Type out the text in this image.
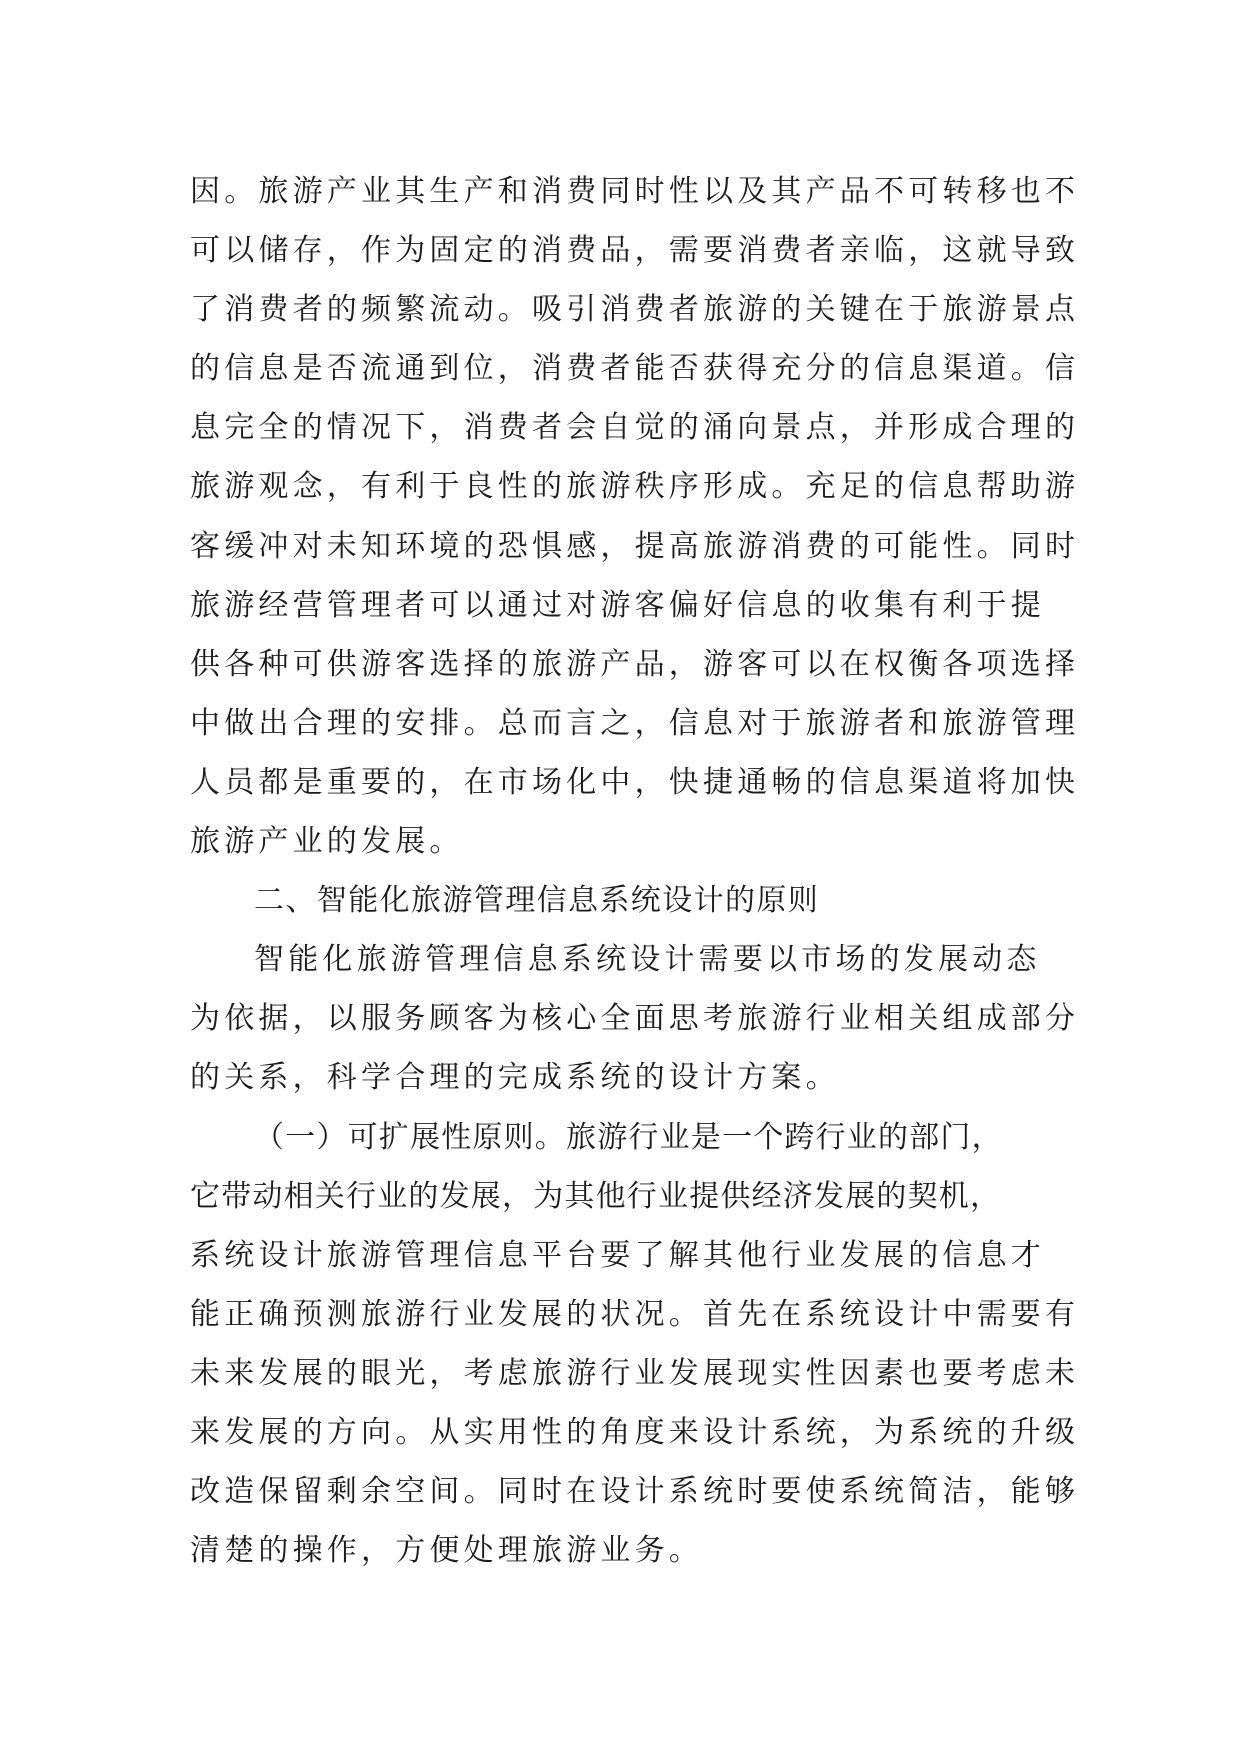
因。旅游产业其生产和消费同时性以及其产品不可转移也不
可以储存，作为固定的消费品，需要消费者亲临，这就导致
了消费者的频繁流动。吸引消费者旅游的关键在于旅游景点
的信息是否流通到位，消费者能否获得充分的信息渠道。信
息完全的情况下，消费者会自觉的涌向景点，并形成合理的
旅游观念，有利于良性的旅游秩序形成。充足的信息帮助游
客缓冲对未知环境的恐惧感，提高旅游消费的可能性。同时
旅游经营管理者可以通过对游客偏好信息的收集有利于提
供各种可供游客选择的旅游产品，游客可以在权衡各项选择
中做出合理的安排。总而言之，信息对于旅游者和旅游管理
人员都是重要的，在市场化中，快捷通畅的信息渠道将加快
旅游产业的发展。
二、智能化旅游管理信息系统设计的原则
智能化旅游管理信息系统设计需要以市场的发展动态
为依据，以服务顾客为核心全面思考旅游行业相关组成部分
的关系，科学合理的完成系统的设计方案。
（一）可扩展性原则。旅游行业是一个跨行业的部门，
它带动相关行业的发展，为其他行业提供经济发展的契机，
系统设计旅游管理信息平台要了解其他行业发展的信息才
能正确预测旅游行业发展的状况。首先在系统设计中需要有
未来发展的眼光，考虑旅游行业发展现实性因素也要考虑未
来发展的方向。从实用性的角度来设计系统，为系统的升级
改造保留剩余空间。同时在设计系统时要使系统简洁，能够
清楚的操作，方便处理旅游业务。
